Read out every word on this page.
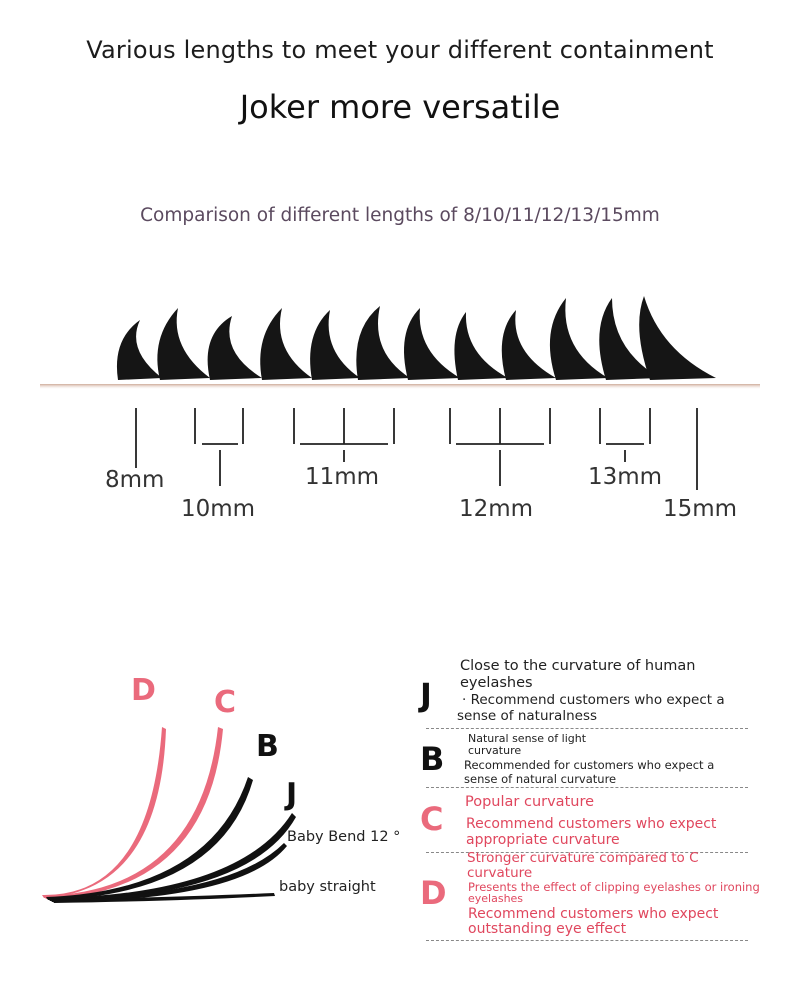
Various lengths to meet your different containment
Joker more versatile
Comparison of different lengths of 8/10/11/12/13/15mm
8mm
10mm
11mm
12mm
13mm
15mm
D C
B
J
Baby Bend 12 °
baby straight
J
Close to the curvature of human
eyelashes
· Recommend customers who expect a
sense of naturalness
B
Natural sense of light
curvature
Recommended for customers who expect a
sense of natural curvature
C Popular curvature
Recommend customers who expect
appropriate curvature
D
Stronger curvature compared to C
curvature
Presents the effect of clipping eyelashes or ironing
eyelashes
Recommend customers who expect
outstanding eye effect
